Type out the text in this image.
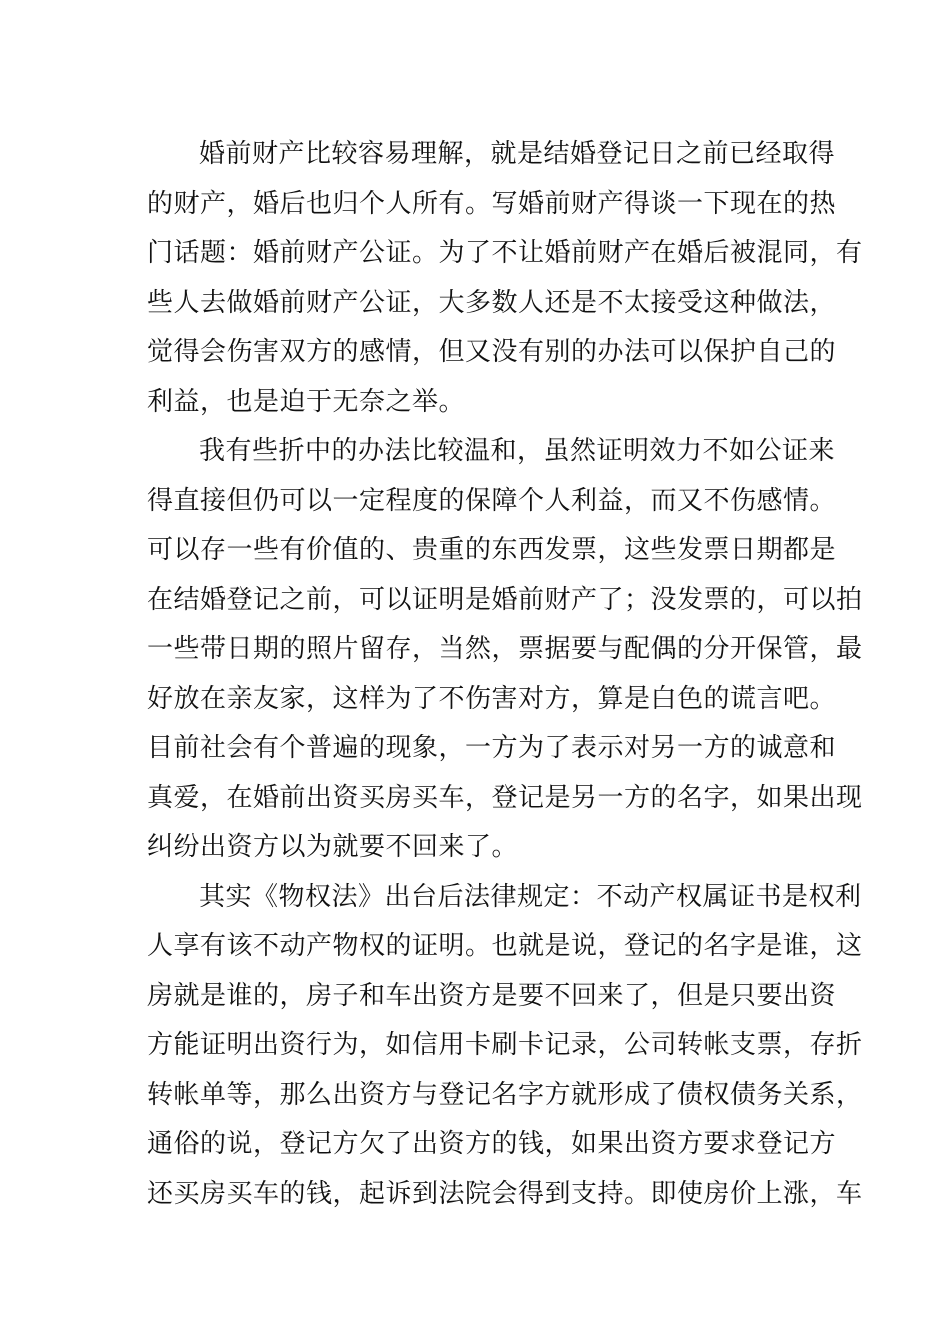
婚前财产比较容易理解，就是结婚登记日之前已经取得
的财产，婚后也归个人所有。写婚前财产得谈一下现在的热
门话题：婚前财产公证。为了不让婚前财产在婚后被混同，有
些人去做婚前财产公证，大多数人还是不太接受这种做法，
觉得会伤害双方的感情，但又没有别的办法可以保护自己的
利益，也是迫于无奈之举。
我有些折中的办法比较温和，虽然证明效力不如公证来
得直接但仍可以一定程度的保障个人利益，而又不伤感情。
可以存一些有价值的、贵重的东西发票，这些发票日期都是
在结婚登记之前，可以证明是婚前财产了；没发票的，可以拍
一些带日期的照片留存，当然，票据要与配偶的分开保管，最
好放在亲友家，这样为了不伤害对方，算是白色的谎言吧。
目前社会有个普遍的现象，一方为了表示对另一方的诚意和
真爱，在婚前出资买房买车，登记是另一方的名字，如果出现
纠纷出资方以为就要不回来了。
其实《物权法》出台后法律规定：不动产权属证书是权利
人享有该不动产物权的证明。也就是说，登记的名字是谁，这
房就是谁的，房子和车出资方是要不回来了，但是只要出资
方能证明出资行为，如信用卡刷卡记录，公司转帐支票，存折
转帐单等，那么出资方与登记名字方就形成了债权债务关系，
通俗的说，登记方欠了出资方的钱，如果出资方要求登记方
还买房买车的钱，起诉到法院会得到支持。即使房价上涨，车
